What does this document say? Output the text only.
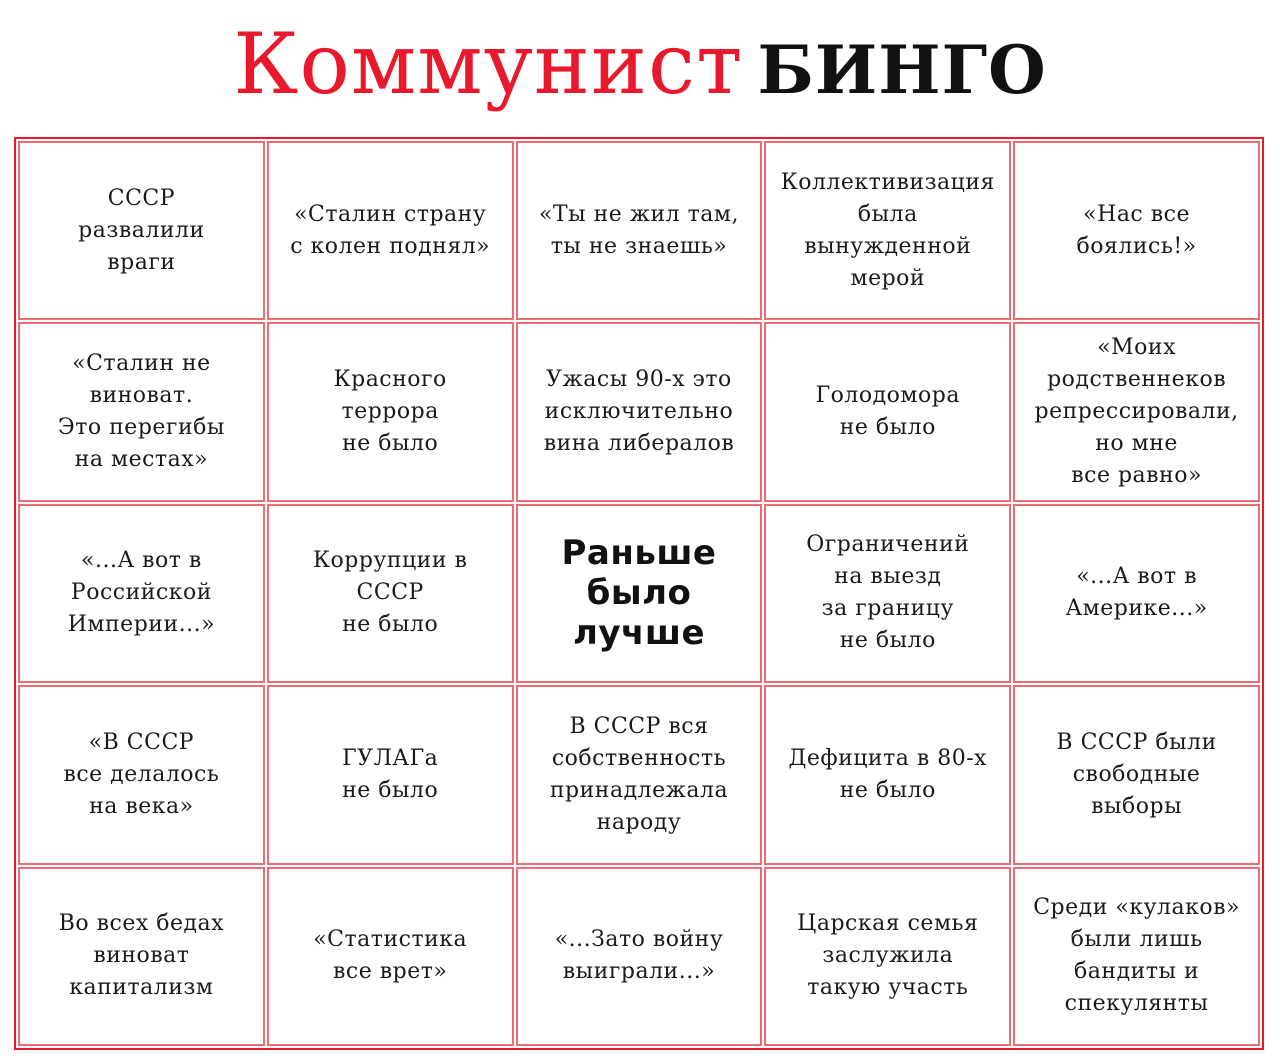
Коммунист БИНГО
СССР
развалили
враги
«Сталин страну
с колен поднял»
«Ты не жил там,
ты не знаешь»
Коллективизация
была
вынужденной
мерой
«Нас все
боялись!»
«Сталин не
виноват.
Это перегибы
на местах»
Красного
террора
не было
Ужасы 90-х это
исключительно
вина либералов
Голодомора
не было
«Моих
родственнеков
репрессировали,
но мне
все равно»
«...А вот в
Российской
Империи...»
Коррупции в
СССР
не было
Раньше
было
лучше
Ограничений
на выезд
за границу
не было
«...А вот в
Америке...»
«В СССР
все делалось
на века»
ГУЛАГа
не было
В СССР вся
собственность
принадлежала
народу
Дефицита в 80-х
не было
В СССР были
свободные
выборы
Во всех бедах
виноват
капитализм
«Статистика
все врет»
«...Зато войну
выиграли...»
Царская семья
заслужила
такую участь
Среди «кулаков»
были лишь
бандиты и
спекулянты
